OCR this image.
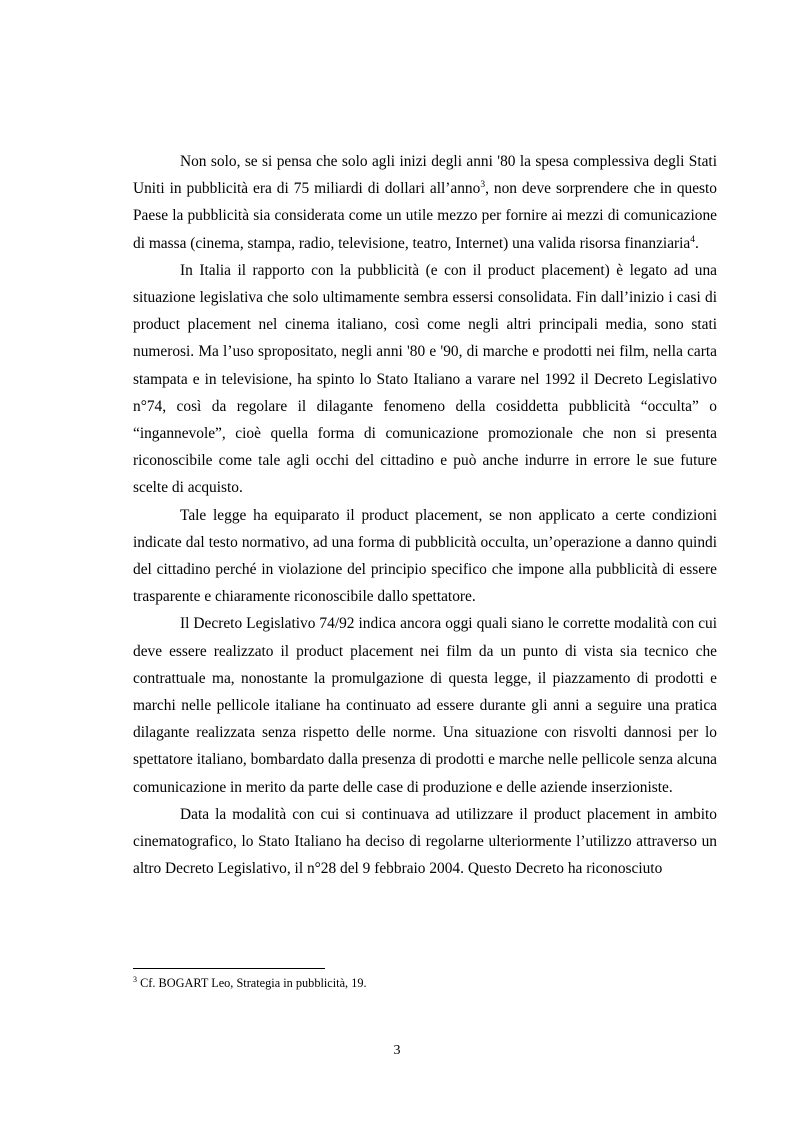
Non solo, se si pensa che solo agli inizi degli anni '80 la spesa complessiva degli Stati Uniti in pubblicità era di 75 miliardi di dollari all’anno$^3$, non deve sorprendere che in questo Paese la pubblicità sia considerata come un utile mezzo per fornire ai mezzi di comunicazione di massa (cinema, stampa, radio, televisione, teatro, Internet) una valida risorsa finanziaria$^4$.

In Italia il rapporto con la pubblicità (e con il product placement) è legato ad una situazione legislativa che solo ultimamente sembra essersi consolidata. Fin dall’inizio i casi di product placement nel cinema italiano, così come negli altri principali media, sono stati numerosi. Ma l’uso spropositato, negli anni '80 e '90, di marche e prodotti nei film, nella carta stampata e in televisione, ha spinto lo Stato Italiano a varare nel 1992 il Decreto Legislativo n°74, così da regolare il dilagante fenomeno della cosiddetta pubblicità “occulta” o “ingannevole”, cioè quella forma di comunicazione promozionale che non si presenta riconoscibile come tale agli occhi del cittadino e può anche indurre in errore le sue future scelte di acquisto.

Tale legge ha equiparato il product placement, se non applicato a certe condizioni indicate dal testo normativo, ad una forma di pubblicità occulta, un’operazione a danno quindi del cittadino perché in violazione del principio specifico che impone alla pubblicità di essere trasparente e chiaramente riconoscibile dallo spettatore.

Il Decreto Legislativo 74/92 indica ancora oggi quali siano le corrette modalità con cui deve essere realizzato il product placement nei film da un punto di vista sia tecnico che contrattuale ma, nonostante la promulgazione di questa legge, il piazzamento di prodotti e marchi nelle pellicole italiane ha continuato ad essere durante gli anni a seguire una pratica dilagante realizzata senza rispetto delle norme. Una situazione con risvolti dannosi per lo spettatore italiano, bombardato dalla presenza di prodotti e marche nelle pellicole senza alcuna comunicazione in merito da parte delle case di produzione e delle aziende inserzioniste.

Data la modalità con cui si continuava ad utilizzare il product placement in ambito cinematografico, lo Stato Italiano ha deciso di regolarne ulteriormente l’utilizzo attraverso un altro Decreto Legislativo, il n°28 del 9 febbraio 2004. Questo Decreto ha riconosciuto

$^3$ Cf. BOGART Leo, Strategia in pubblicità, 19.
3
